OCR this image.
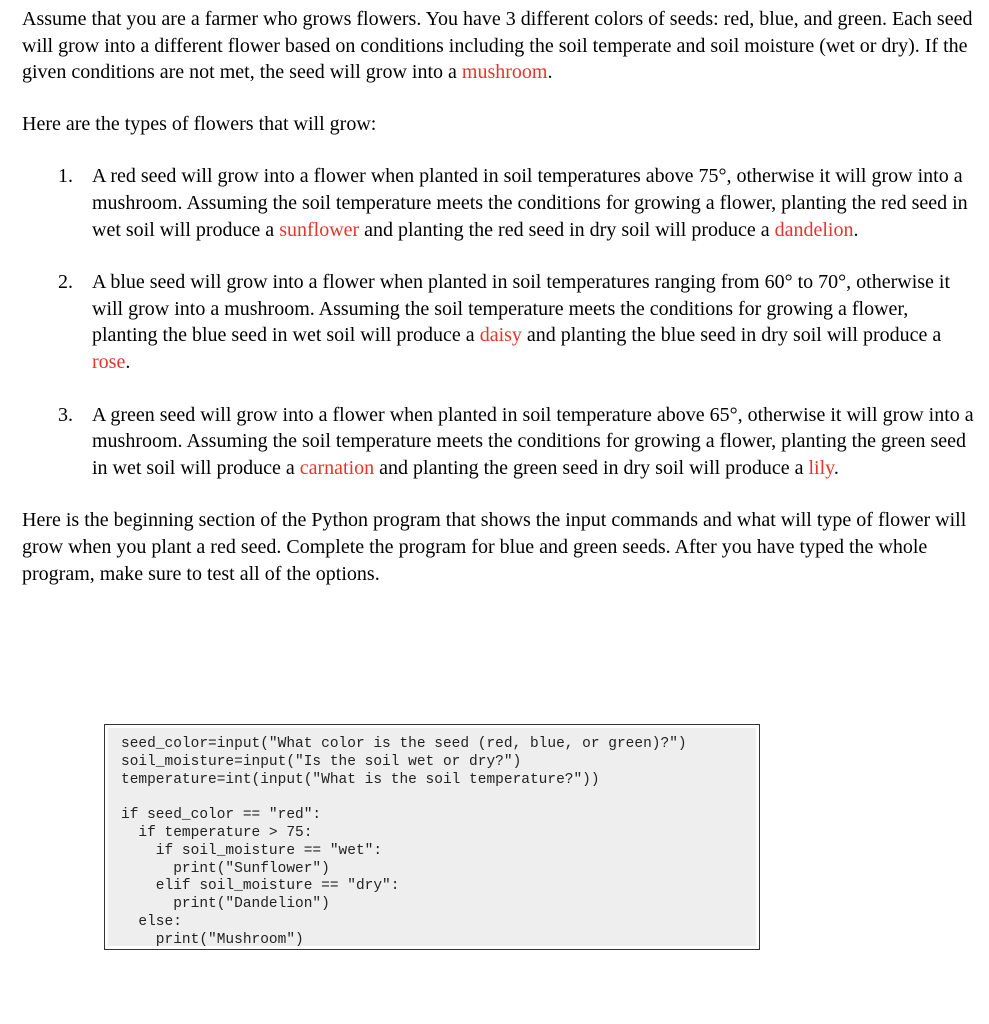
Assume that you are a farmer who grows flowers. You have 3 different colors of seeds: red, blue, and green. Each seed will grow into a different flower based on conditions including the soil temperate and soil moisture (wet or dry). If the given conditions are not met, the seed will grow into a mushroom.

Here are the types of flowers that will grow:

1. A red seed will grow into a flower when planted in soil temperatures above 75°, otherwise it will grow into a mushroom. Assuming the soil temperature meets the conditions for growing a flower, planting the red seed in wet soil will produce a sunflower and planting the red seed in dry soil will produce a dandelion.
2. A blue seed will grow into a flower when planted in soil temperatures ranging from 60° to 70°, otherwise it will grow into a mushroom. Assuming the soil temperature meets the conditions for growing a flower, planting the blue seed in wet soil will produce a daisy and planting the blue seed in dry soil will produce a rose.
3. A green seed will grow into a flower when planted in soil temperature above 65°, otherwise it will grow into a mushroom. Assuming the soil temperature meets the conditions for growing a flower, planting the green seed in wet soil will produce a carnation and planting the green seed in dry soil will produce a lily.

Here is the beginning section of the Python program that shows the input commands and what will type of flower will grow when you plant a red seed. Complete the program for blue and green seeds. After you have typed the whole program, make sure to test all of the options.

seed_color=input("What color is the seed (red, blue, or green)?")
soil_moisture=input("Is the soil wet or dry?")
temperature=int(input("What is the soil temperature?"))
if seed_color == "red":
if temperature > 75:
if soil_moisture == "wet":
print("Sunflower")
elif soil_moisture == "dry":
print("Dandelion")
else:
print("Mushroom")
